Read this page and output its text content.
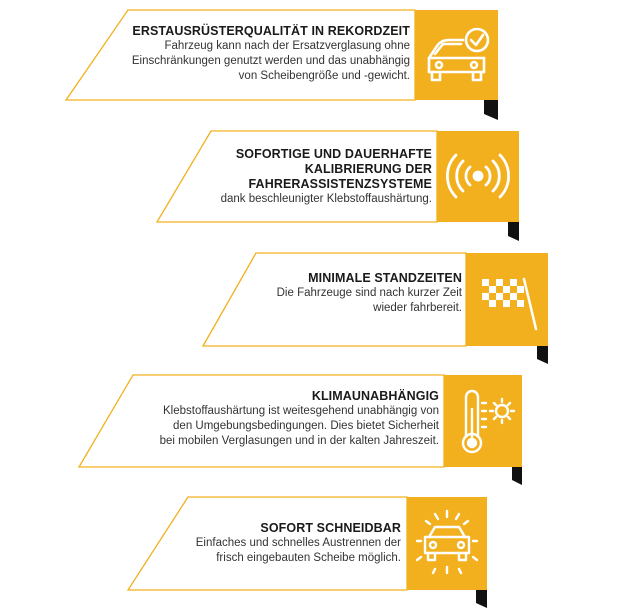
ERSTAUSRÜSTERQUALITÄT IN REKORDZEIT
Fahrzeug kann nach der Ersatzverglasung ohne
Einschränkungen genutzt werden und das unabhängig
von Scheibengröße und -gewicht.
SOFORTIGE UND DAUERHAFTE
KALIBRIERUNG DER
FAHRERASSISTENZSYSTEME
dank beschleunigter Klebstoffaushärtung.
MINIMALE STANDZEITEN
Die Fahrzeuge sind nach kurzer Zeit
wieder fahrbereit.
KLIMAUNABHÄNGIG
Klebstoffaushärtung ist weitesgehend unabhängig von
den Umgebungsbedingungen. Dies bietet Sicherheit
bei mobilen Verglasungen und in der kalten Jahreszeit.
SOFORT SCHNEIDBAR
Einfaches und schnelles Austrennen der
frisch eingebauten Scheibe möglich.
